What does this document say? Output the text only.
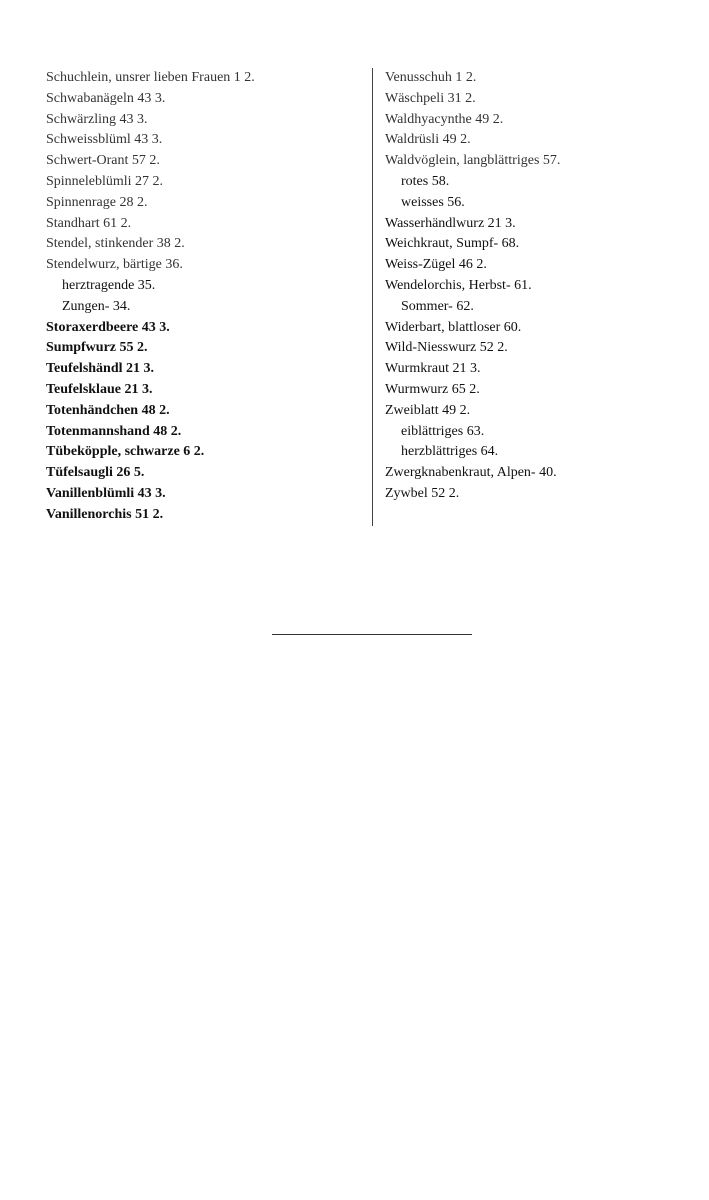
Schuchlein, unsrer lieben Frauen 1 2.
Schwabanägeln 43 3.
Schwärzling 43 3.
Schweissblüml 43 3.
Schwert-Orant 57 2.
Spinneleblümli 27 2.
Spinnenrage 28 2.
Standhart 61 2.
Stendel, stinkender 38 2.
Stendelwurz, bärtige 36.
herztragende 35.
Zungen- 34.
Storaxerdbeere 43 3.
Sumpfwurz 55 2.
Teufelshändl 21 3.
Teufelsklaue 21 3.
Totenhändchen 48 2.
Totenmannshand 48 2.
Tübeköpple, schwarze 6 2.
Tüfelsaugli 26 5.
Vanillenblümli 43 3.
Vanillenorchis 51 2.
Venusschuh 1 2.
Wäschpeli 31 2.
Waldhyacynthe 49 2.
Waldrüsli 49 2.
Waldvöglein, langblättriges 57.
rotes 58.
weisses 56.
Wasserhändlwurz 21 3.
Weichkraut, Sumpf- 68.
Weiss-Zügel 46 2.
Wendelorchis, Herbst- 61.
Sommer- 62.
Widerbart, blattloser 60.
Wild-Niesswurz 52 2.
Wurmkraut 21 3.
Wurmwurz 65 2.
Zweiblatt 49 2.
eiblättriges 63.
herzblättriges 64.
Zwergknabenkraut, Alpen- 40.
Zywbel 52 2.
